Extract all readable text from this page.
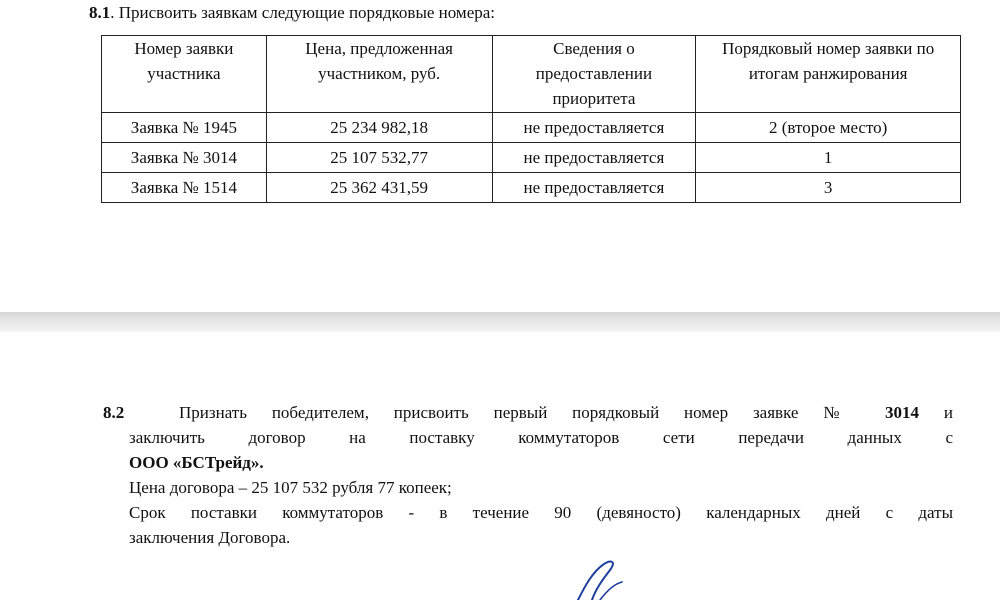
8.1. Присвоить заявкам следующие порядковые номера:
Номер заявки участника	Цена, предложенная участником, руб.	Сведения о предоставлении приоритета	Порядковый номер заявки по итогам ранжирования
Заявка № 1945	25 234 982,18	не предоставляется	2 (второе место)
Заявка № 3014	25 107 532,77	не предоставляется	1
Заявка № 1514	25 362 431,59	не предоставляется	3
8.2	Признать победителем, присвоить первый порядковый номер заявке № 3014 и
заключить договор на поставку коммутаторов сети передачи данных с
ООО «БСТрейд».
Цена договора – 25 107 532 рубля 77 копеек;
Срок поставки коммутаторов - в течение 90 (девяносто) календарных дней с даты
заключения Договора.
